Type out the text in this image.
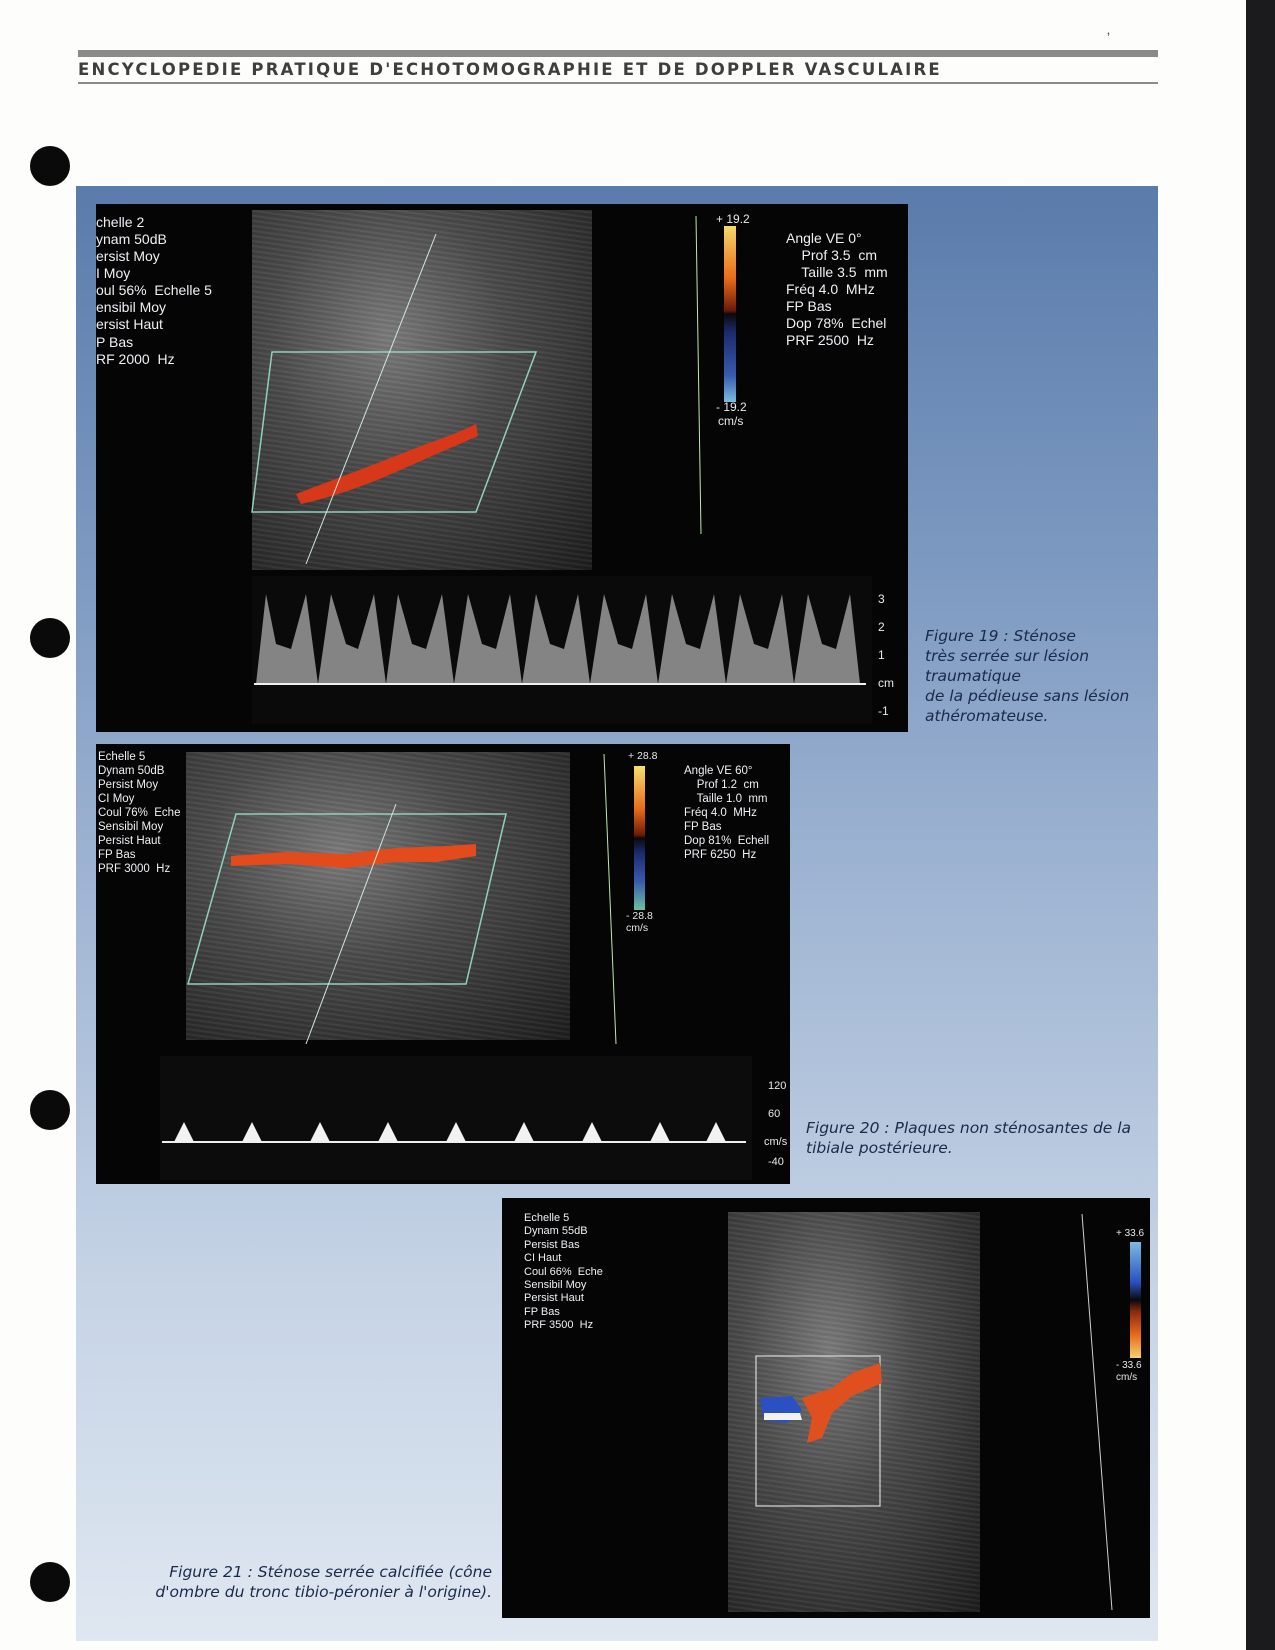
ʼ
ENCYCLOPEDIE PRATIQUE D'ECHOTOMOGRAPHIE ET DE DOPPLER VASCULAIRE
chelle 2
ynam 50dB
ersist Moy
I Moy
oul 56%  Echelle 5
ensibil Moy
ersist Haut
P Bas
RF 2000  Hz
+ 19.2
- 19.2
cm/s
Angle VE 0°
Prof 3.5  cm
Taille 3.5  mm
Fréq 4.0  MHz
FP Bas
Dop 78%  Echel
PRF 2500  Hz
3
2
1
cm
-1
Figure 19 : Sténose
très serrée sur lésion
traumatique
de la pédieuse sans lésion
athéromateuse.
Echelle 5
Dynam 50dB
Persist Moy
CI Moy
Coul 76%  Eche
Sensibil Moy
Persist Haut
FP Bas
PRF 3000  Hz
+ 28.8
- 28.8
cm/s
Angle VE 60°
Prof 1.2  cm
Taille 1.0  mm
Fréq 4.0  MHz
FP Bas
Dop 81%  Echell
PRF 6250  Hz
120
60
cm/s
-40
Figure 20 : Plaques non sténosantes de la
tibiale postérieure.
Echelle 5
Dynam 55dB
Persist Bas
CI Haut
Coul 66%  Eche
Sensibil Moy
Persist Haut
FP Bas
PRF 3500  Hz
+ 33.6
- 33.6
cm/s
Figure 21 : Sténose serrée calcifiée (cône
d'ombre du tronc tibio-péronier à l'origine).
